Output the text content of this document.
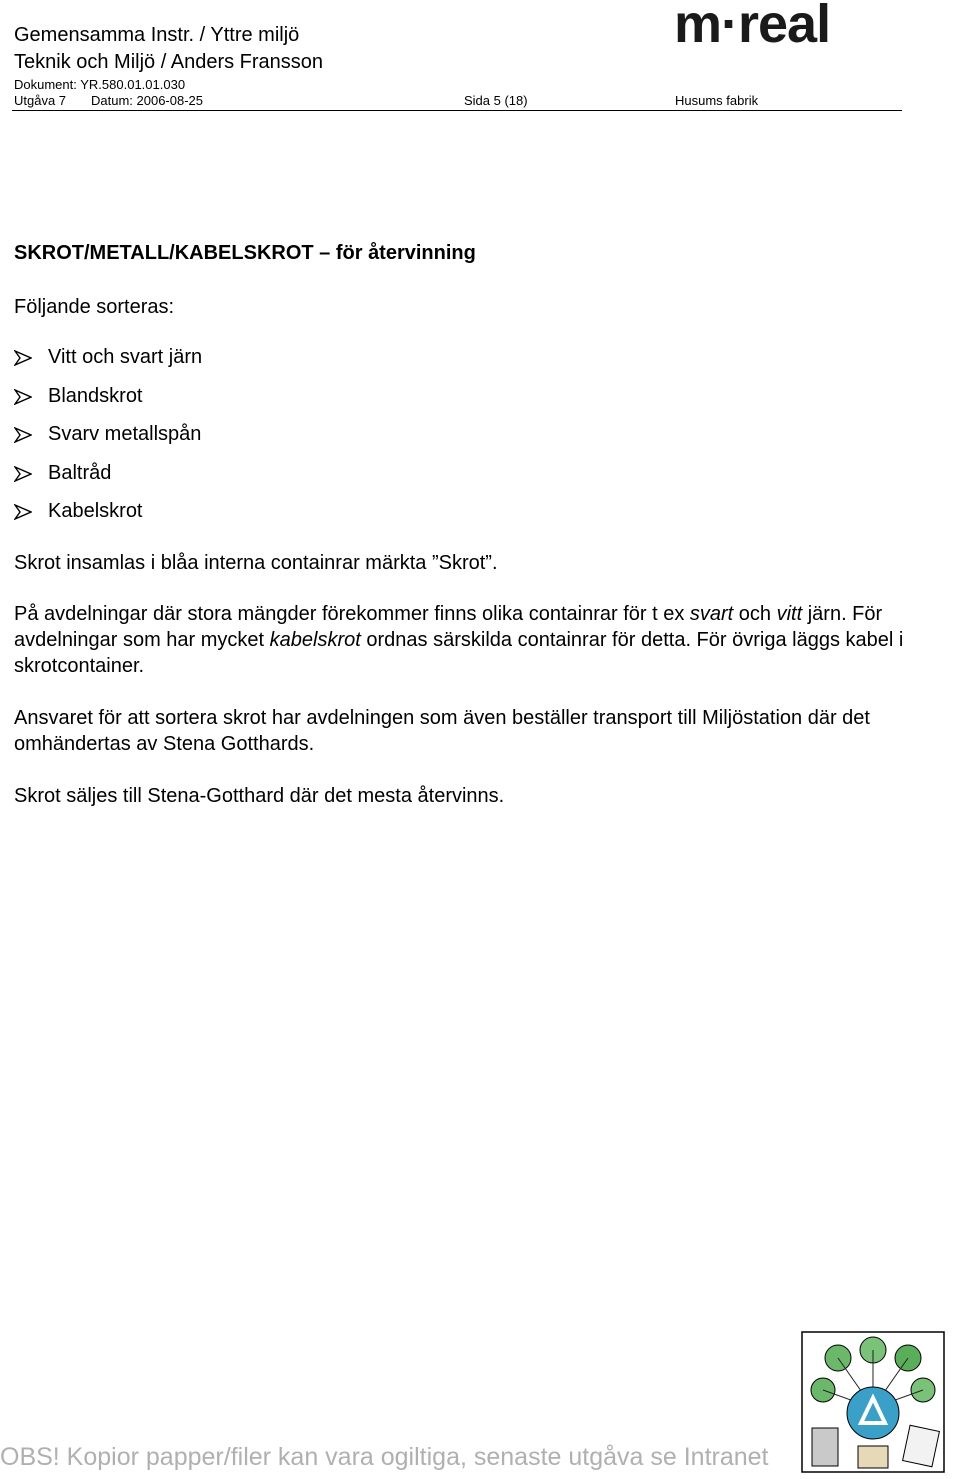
Gemensamma Instr. / Yttre miljö
Teknik och Miljö / Anders Fransson
Dokument: YR.580.01.01.030
Utgåva 7 Datum: 2006-08-25	Sida 5 (18)	Husums fabrik
m·real
SKROT/METALL/KABELSKROT – för återvinning
Följande sorteras:
Vitt och svart järn
Blandskrot
Svarv metallspån
Baltråd
Kabelskrot
Skrot insamlas i blåa interna containrar märkta ”Skrot”.
På avdelningar där stora mängder förekommer finns olika containrar för t ex svart och vitt järn. För avdelningar som har mycket kabelskrot ordnas särskilda containrar för detta. För övriga läggs kabel i skrotcontainer.
Ansvaret för att sortera skrot har avdelningen som även beställer transport till Miljöstation där det omhändertas av Stena Gotthards.
Skrot säljes till Stena-Gotthard där det mesta återvinns.
OBS! Kopior papper/filer kan vara ogiltiga, senaste utgåva se Intranet
